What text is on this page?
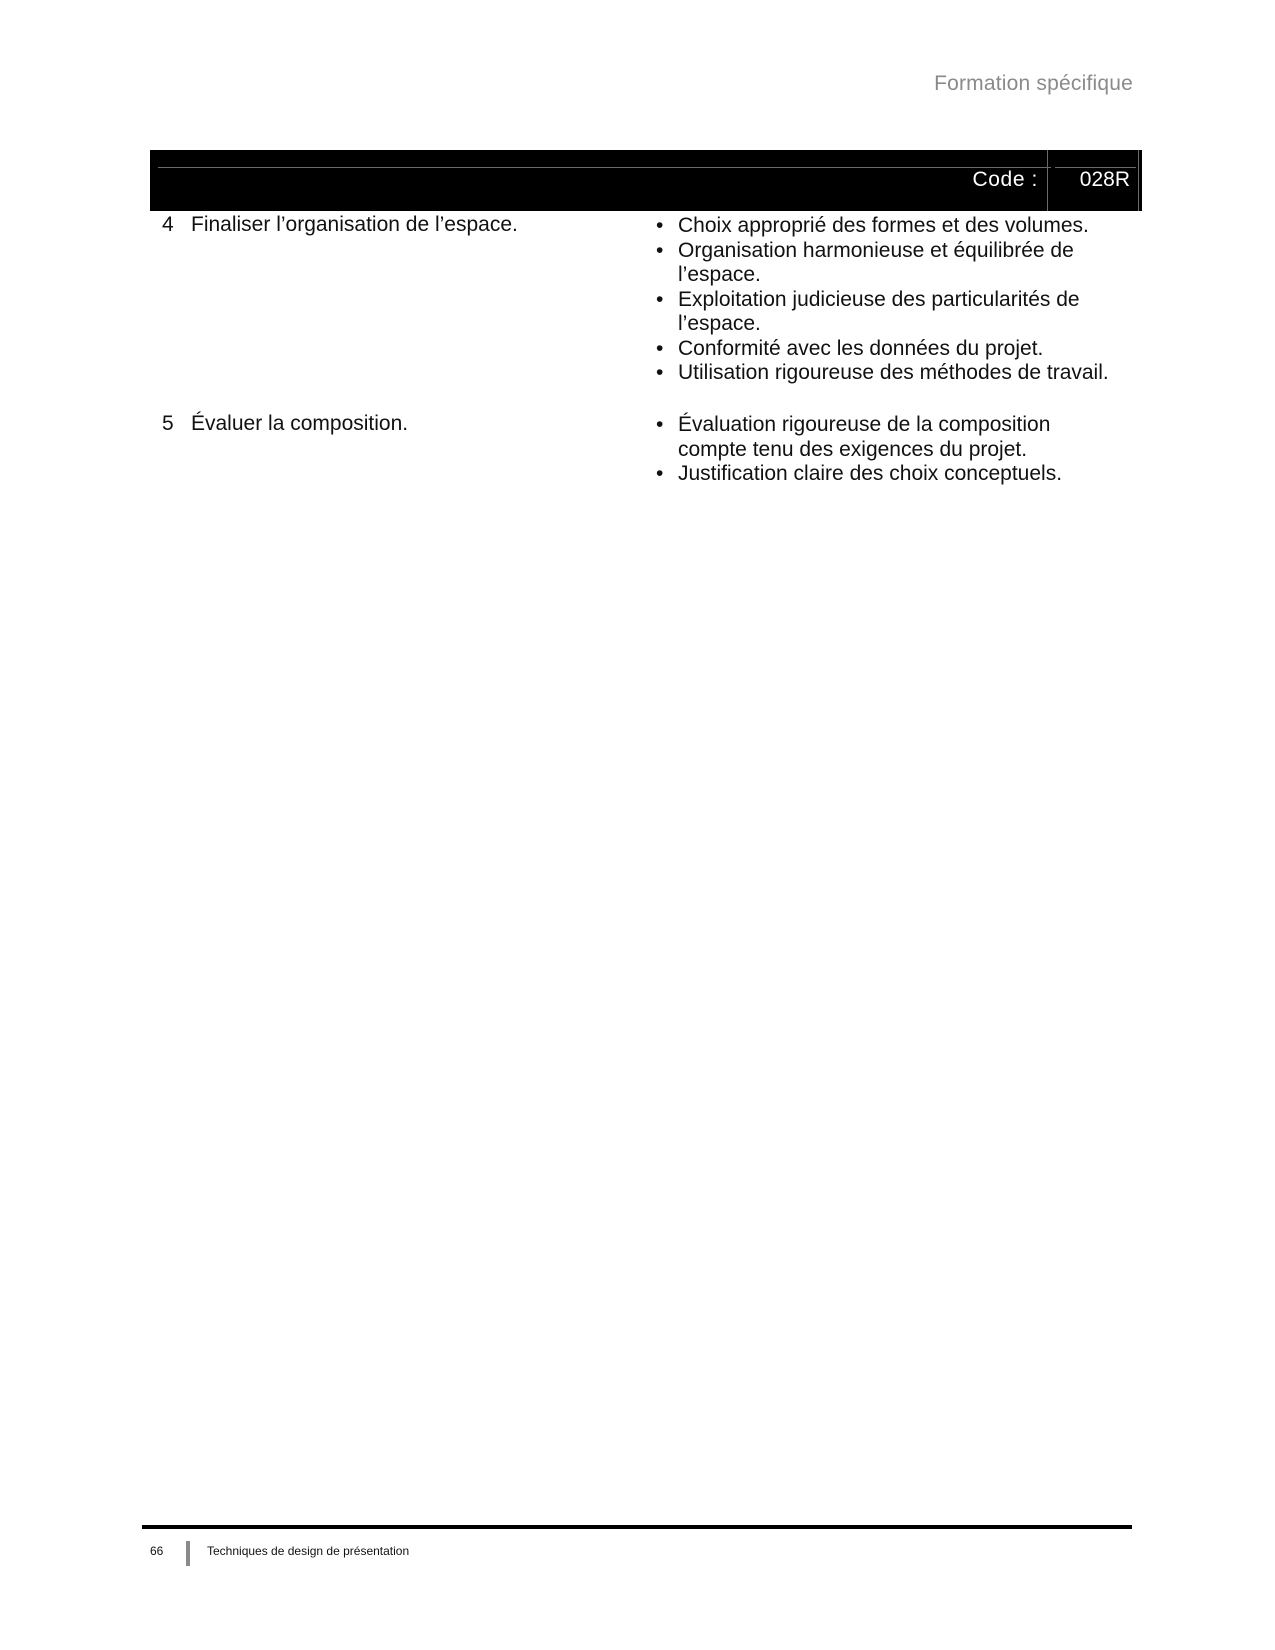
Formation spécifique
Code : 028R
4 Finaliser l’organisation de l’espace.	• Choix approprié des formes et des volumes.
• Organisation harmonieuse et équilibrée de l’espace.
• Exploitation judicieuse des particularités de l’espace.
• Conformité avec les données du projet.
• Utilisation rigoureuse des méthodes de travail.
5 Évaluer la composition.	• Évaluation rigoureuse de la composition compte tenu des exigences du projet.
• Justification claire des choix conceptuels.
66	Techniques de design de présentation
